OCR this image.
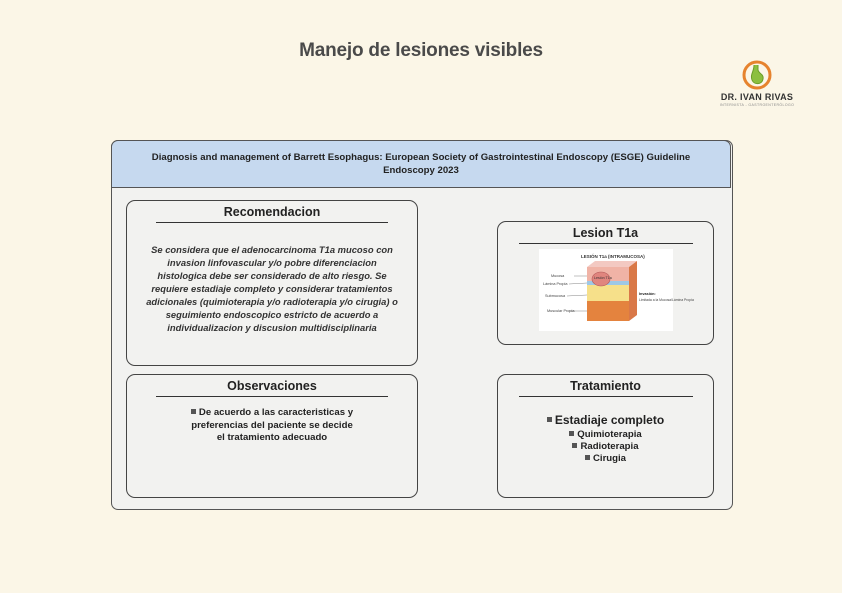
Manejo de lesiones visibles
DR. IVAN RIVAS
INTERNISTA - GASTROENTERÓLOGO
Diagnosis and management of Barrett Esophagus: European Society of Gastrointestinal Endoscopy (ESGE) Guideline Endoscopy 2023
Recomendacion
Se considera que el adenocarcinoma T1a mucoso con invasion linfovascular y/o pobre diferenciacion histologica debe ser considerado de alto riesgo. Se requiere estadiaje completo y considerar tratamientos adicionales (quimioterapia y/o radioterapia y/o cirugia) o seguimiento endoscopico estricto de acuerdo a individualizacion y discusion multidisciplinaria
Lesion T1a
LESIÓN T1a (INTRAMUCOSA)
Lesión T1a
Mucosa
Lámina Propia
Submucosa
Muscular Propia
Invasión:
Limitada a la Mucosa/Lámina Propia
Observaciones
De acuerdo a las caracteristicas y preferencias del paciente se decide el tratamiento adecuado
Tratamiento
Estadiaje completo
Quimioterapia
Radioterapia
Cirugia
